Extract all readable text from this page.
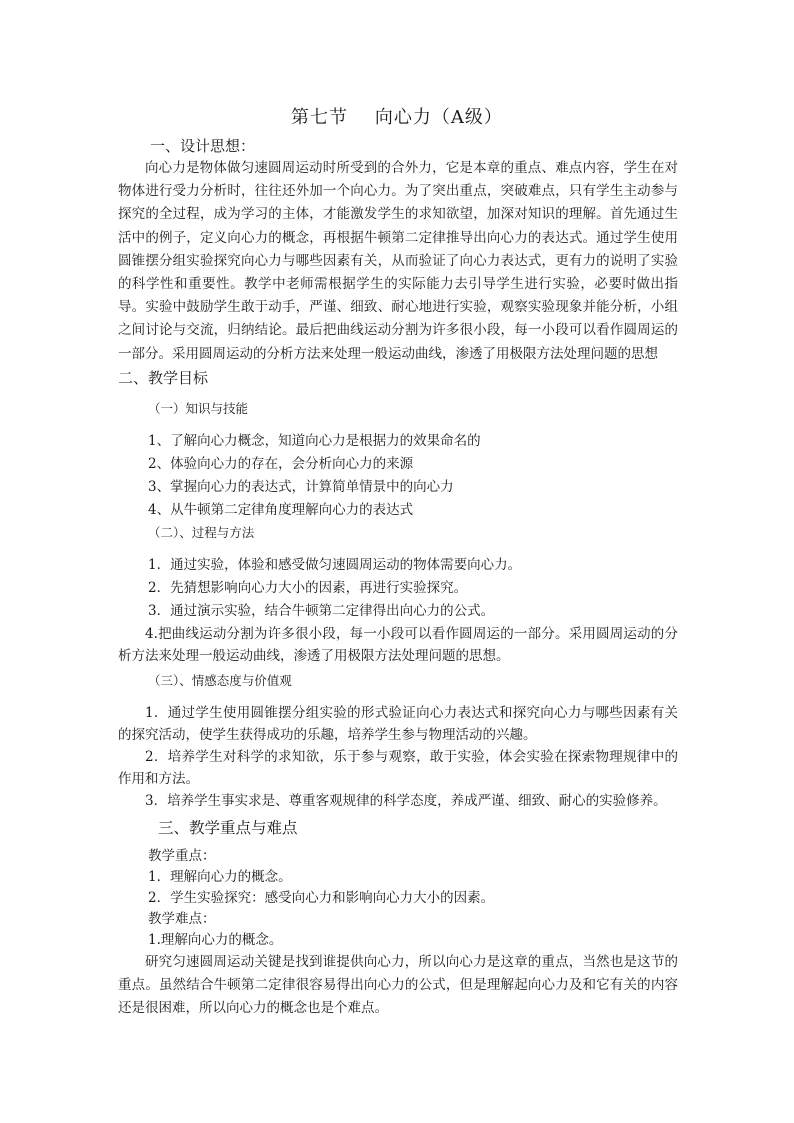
第七节    向心力（A级）

一、设计思想：

向心力是物体做匀速圆周运动时所受到的合外力，它是本章的重点、难点内容，学生在对物体进行受力分析时，往往还外加一个向心力。为了突出重点，突破难点，只有学生主动参与探究的全过程，成为学习的主体，才能激发学生的求知欲望，加深对知识的理解。首先通过生活中的例子，定义向心力的概念，再根据牛顿第二定律推导出向心力的表达式。通过学生使用圆锥摆分组实验探究向心力与哪些因素有关，从而验证了向心力表达式，更有力的说明了实验的科学性和重要性。教学中老师需根据学生的实际能力去引导学生进行实验，必要时做出指导。实验中鼓励学生敢于动手，严谨、细致、耐心地进行实验，观察实验现象并能分析，小组之间讨论与交流，归纳结论。最后把曲线运动分割为许多很小段，每一小段可以看作圆周运的一部分。采用圆周运动的分析方法来处理一般运动曲线，渗透了用极限方法处理问题的思想

二、教学目标

（一）知识与技能

1、了解向心力概念，知道向心力是根据力的效果命名的

2、体验向心力的存在，会分析向心力的来源

3、掌握向心力的表达式，计算简单情景中的向心力

4、从牛顿第二定律角度理解向心力的表达式

（二）、过程与方法

1．通过实验，体验和感受做匀速圆周运动的物体需要向心力。

2．先猜想影响向心力大小的因素，再进行实验探究。

3．通过演示实验，结合牛顿第二定律得出向心力的公式。

4.把曲线运动分割为许多很小段，每一小段可以看作圆周运的一部分。采用圆周运动的分析方法来处理一般运动曲线，渗透了用极限方法处理问题的思想。

（三）、情感态度与价值观

1．通过学生使用圆锥摆分组实验的形式验证向心力表达式和探究向心力与哪些因素有关的探究活动，使学生获得成功的乐趣，培养学生参与物理活动的兴趣。

2．培养学生对科学的求知欲，乐于参与观察，敢于实验，体会实验在探索物理规律中的作用和方法。

3．培养学生事实求是、尊重客观规律的科学态度，养成严谨、细致、耐心的实验修养。

三、教学重点与难点

教学重点：

1．理解向心力的概念。

2．学生实验探究：感受向心力和影响向心力大小的因素。

教学难点：

1.理解向心力的概念。

研究匀速圆周运动关键是找到谁提供向心力，所以向心力是这章的重点，当然也是这节的重点。虽然结合牛顿第二定律很容易得出向心力的公式，但是理解起向心力及和它有关的内容还是很困难，所以向心力的概念也是个难点。
